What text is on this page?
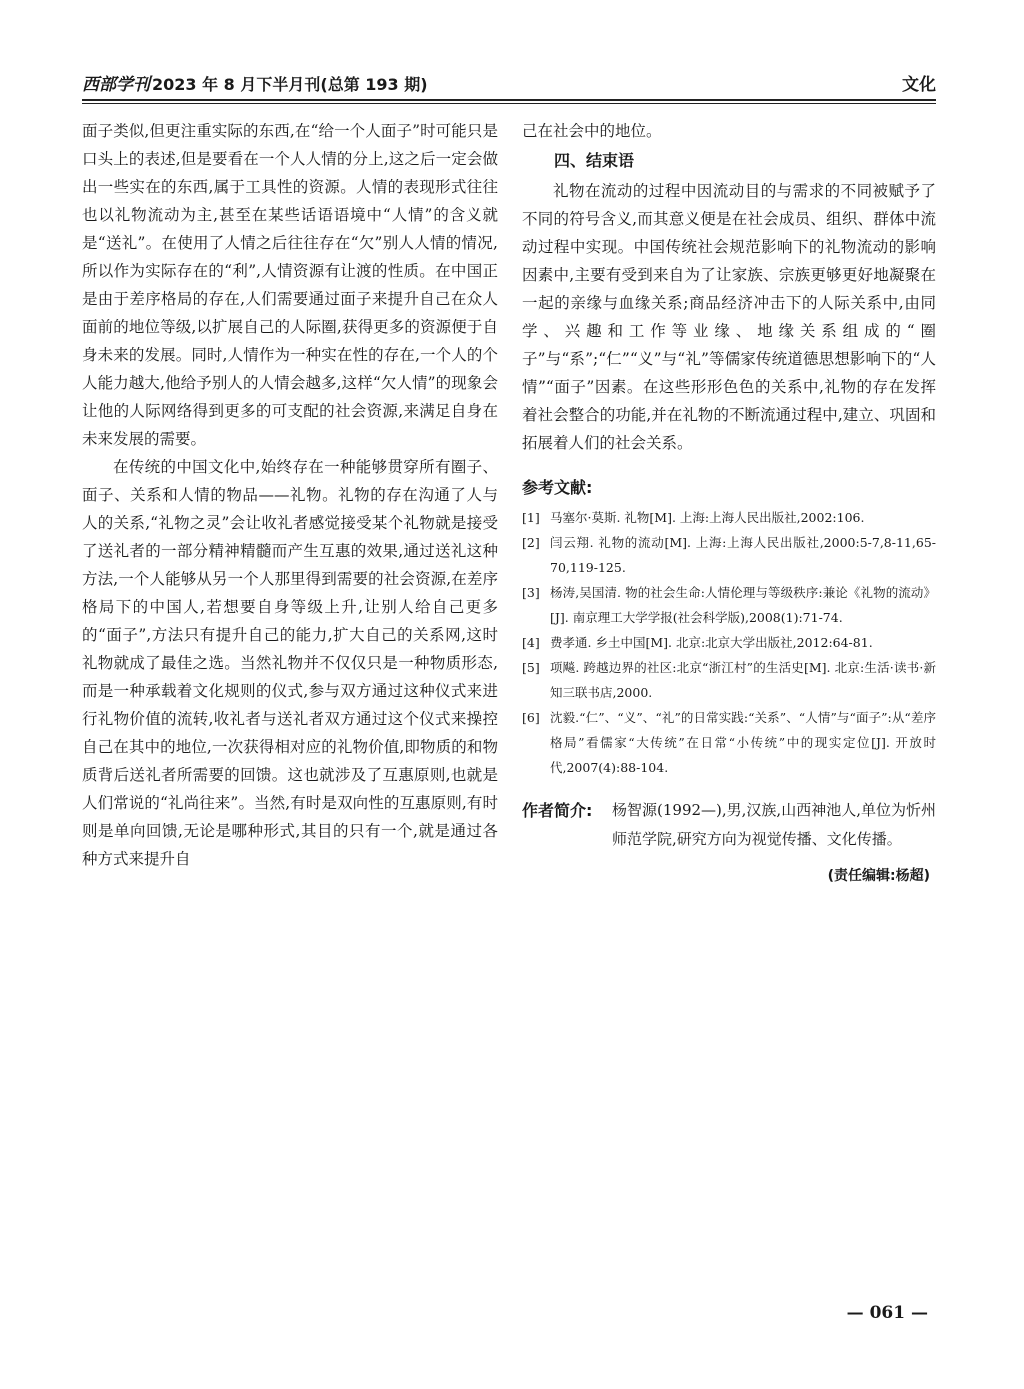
西部学刊 2023 年 8 月下半月刊(总第 193 期)	文化

面子类似,但更注重实际的东西,在“给一个人面子”时可能只是口头上的表述,但是要看在一个人人情的分上,这之后一定会做出一些实在的东西,属于工具性的资源。人情的表现形式往往也以礼物流动为主,甚至在某些话语语境中“人情”的含义就是“送礼”。在使用了人情之后往往存在“欠”别人人情的情况,所以作为实际存在的“利”,人情资源有让渡的性质。在中国正是由于差序格局的存在,人们需要通过面子来提升自己在众人面前的地位等级,以扩展自己的人际圈,获得更多的资源便于自身未来的发展。同时,人情作为一种实在性的存在,一个人的个人能力越大,他给予别人的人情会越多,这样“欠人情”的现象会让他的人际网络得到更多的可支配的社会资源,来满足自身在未来发展的需要。

在传统的中国文化中,始终存在一种能够贯穿所有圈子、面子、关系和人情的物品——礼物。礼物的存在沟通了人与人的关系,“礼物之灵”会让收礼者感觉接受某个礼物就是接受了送礼者的一部分精神精髓而产生互惠的效果,通过送礼这种方法,一个人能够从另一个人那里得到需要的社会资源,在差序格局下的中国人,若想要自身等级上升,让别人给自己更多的“面子”,方法只有提升自己的能力,扩大自己的关系网,这时礼物就成了最佳之选。当然礼物并不仅仅只是一种物质形态,而是一种承载着文化规则的仪式,参与双方通过这种仪式来进行礼物价值的流转,收礼者与送礼者双方通过这个仪式来操控自己在其中的地位,一次获得相对应的礼物价值,即物质的和物质背后送礼者所需要的回馈。这也就涉及了互惠原则,也就是人们常说的“礼尚往来”。当然,有时是双向性的互惠原则,有时则是单向回馈,无论是哪种形式,其目的只有一个,就是通过各种方式来提升自

己在社会中的地位。

四、结束语

礼物在流动的过程中因流动目的与需求的不同被赋予了不同的符号含义,而其意义便是在社会成员、组织、群体中流动过程中实现。中国传统社会规范影响下的礼物流动的影响因素中,主要有受到来自为了让家族、宗族更够更好地凝聚在一起的亲缘与血缘关系;商品经济冲击下的人际关系中,由同学、兴趣和工作等业缘、地缘关系组成的“圈子”与“系”;“仁”“义”与“礼”等儒家传统道德思想影响下的“人情”“面子”因素。在这些形形色色的关系中,礼物的存在发挥着社会整合的功能,并在礼物的不断流通过程中,建立、巩固和拓展着人们的社会关系。

参考文献:
[1] 马塞尔·莫斯. 礼物[M]. 上海:上海人民出版社,2002:106.
[2] 闫云翔. 礼物的流动[M]. 上海:上海人民出版社,2000:5-7,8-11,65-70,119-125.
[3] 杨涛,吴国清. 物的社会生命:人情伦理与等级秩序:兼论《礼物的流动》[J]. 南京理工大学学报(社会科学版),2008(1):71-74.
[4] 费孝通. 乡土中国[M]. 北京:北京大学出版社,2012:64-81.
[5] 项飚. 跨越边界的社区:北京“浙江村”的生活史[M]. 北京:生活·读书·新知三联书店,2000.
[6] 沈毅.“仁”、“义”、“礼”的日常实践:“关系”、“人情”与“面子”:从“差序格局”看儒家“大传统”在日常“小传统”中的现实定位[J]. 开放时代,2007(4):88-104.
作者简介:	杨智源(1992—),男,汉族,山西神池人,单位为忻州师范学院,研究方向为视觉传播、文化传播。
(责任编辑:杨超)
— 061 —
